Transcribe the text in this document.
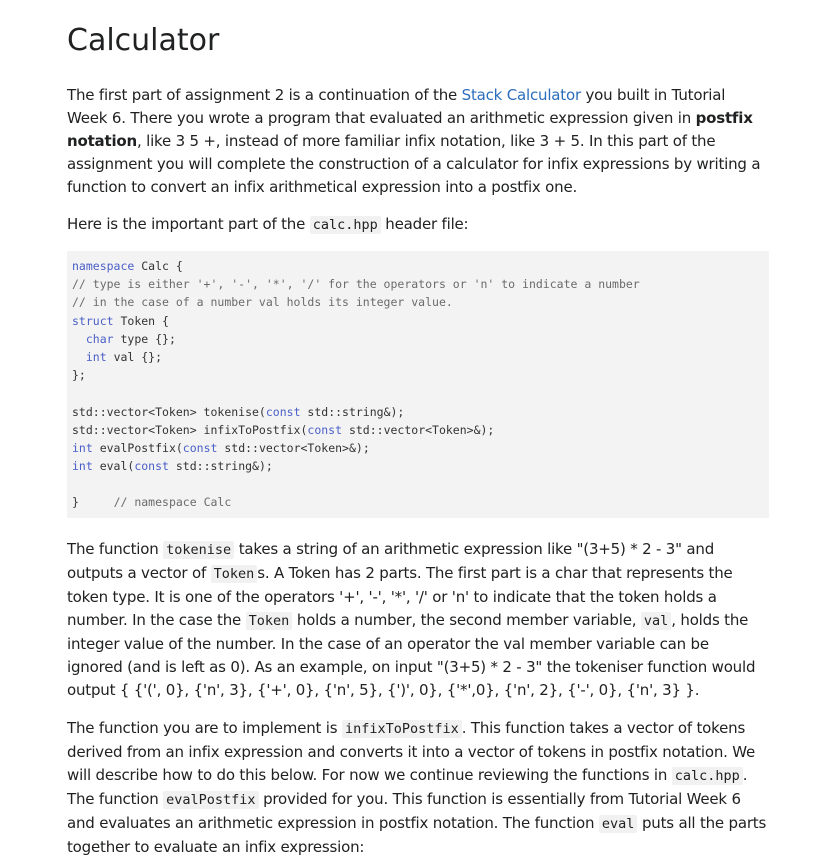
Calculator

The first part of assignment 2 is a continuation of the Stack Calculator you built in Tutorial Week 6. There you wrote a program that evaluated an arithmetic expression given in postfix notation, like 3 5 +, instead of more familiar infix notation, like 3 + 5. In this part of the assignment you will complete the construction of a calculator for infix expressions by writing a function to convert an infix arithmetical expression into a postfix one.

Here is the important part of the calc.hpp header file:

namespace Calc {
// type is either '+', '-', '*', '/' for the operators or 'n' to indicate a number
// in the case of a number val holds its integer value.
struct Token {
char type {};
int val {};
};
std::vector<Token> tokenise(const std::string&);
std::vector<Token> infixToPostfix(const std::vector<Token>&);
int evalPostfix(const std::vector<Token>&);
int eval(const std::string&);
}	// namespace Calc

The function tokenise takes a string of an arithmetic expression like "(3+5) * 2 - 3" and outputs a vector of Token s. A Token has 2 parts. The first part is a char that represents the token type. It is one of the operators '+', '-', '*', '/' or 'n' to indicate that the token holds a number. In the case the Token holds a number, the second member variable, val , holds the integer value of the number. In the case of an operator the val member variable can be ignored (and is left as 0). As an example, on input "(3+5) * 2 - 3" the tokeniser function would output { {'(', 0}, {'n', 3}, {'+', 0}, {'n', 5}, {')', 0}, {'*',0}, {'n', 2}, {'-', 0}, {'n', 3} }.

The function you are to implement is infixToPostfix . This function takes a vector of tokens derived from an infix expression and converts it into a vector of tokens in postfix notation. We will describe how to do this below. For now we continue reviewing the functions in calc.hpp . The function evalPostfix provided for you. This function is essentially from Tutorial Week 6 and evaluates an arithmetic expression in postfix notation. The function eval puts all the parts together to evaluate an infix expression:
